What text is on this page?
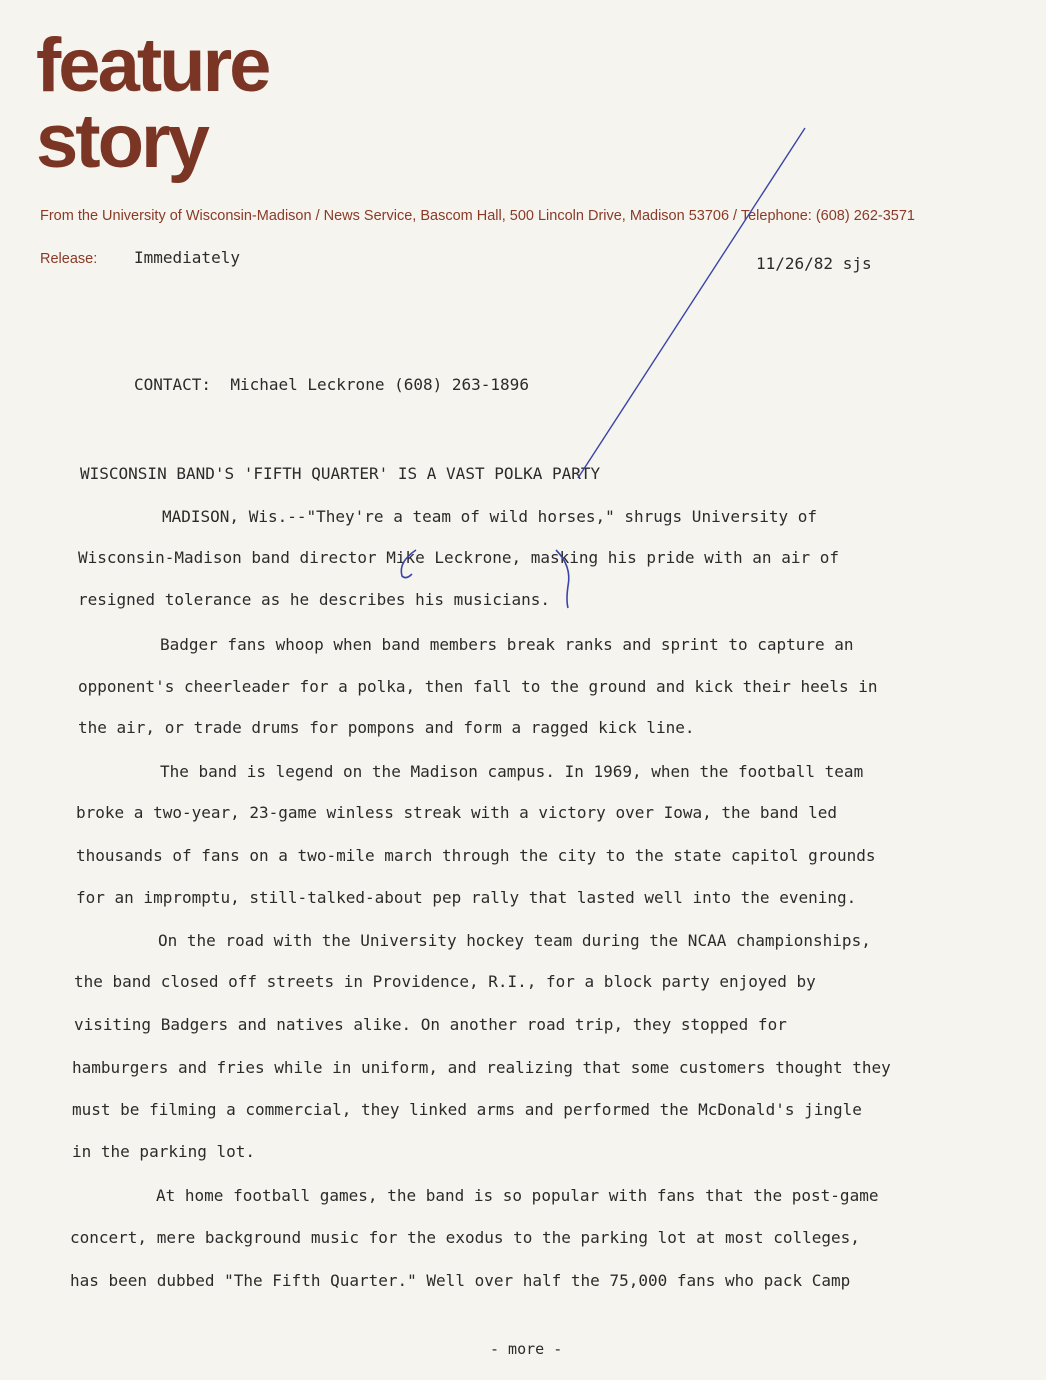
feature
story
From the University of Wisconsin-Madison / News Service, Bascom Hall, 500 Lincoln Drive, Madison 53706 / Telephone: (608) 262-3571
Release: Immediately	11/26/82 sjs
CONTACT:  Michael Leckrone (608) 263-1896
WISCONSIN BAND'S 'FIFTH QUARTER' IS A VAST POLKA PARTY
MADISON, Wis.--"They're a team of wild horses," shrugs University of
Wisconsin-Madison band director Mike Leckrone, masking his pride with an air of
resigned tolerance as he describes his musicians.
Badger fans whoop when band members break ranks and sprint to capture an
opponent's cheerleader for a polka, then fall to the ground and kick their heels in
the air, or trade drums for pompons and form a ragged kick line.
The band is legend on the Madison campus. In 1969, when the football team
broke a two-year, 23-game winless streak with a victory over Iowa, the band led
thousands of fans on a two-mile march through the city to the state capitol grounds
for an impromptu, still-talked-about pep rally that lasted well into the evening.
On the road with the University hockey team during the NCAA championships,
the band closed off streets in Providence, R.I., for a block party enjoyed by
visiting Badgers and natives alike. On another road trip, they stopped for
hamburgers and fries while in uniform, and realizing that some customers thought they
must be filming a commercial, they linked arms and performed the McDonald's jingle
in the parking lot.
At home football games, the band is so popular with fans that the post-game
concert, mere background music for the exodus to the parking lot at most colleges,
has been dubbed "The Fifth Quarter." Well over half the 75,000 fans who pack Camp
- more -
